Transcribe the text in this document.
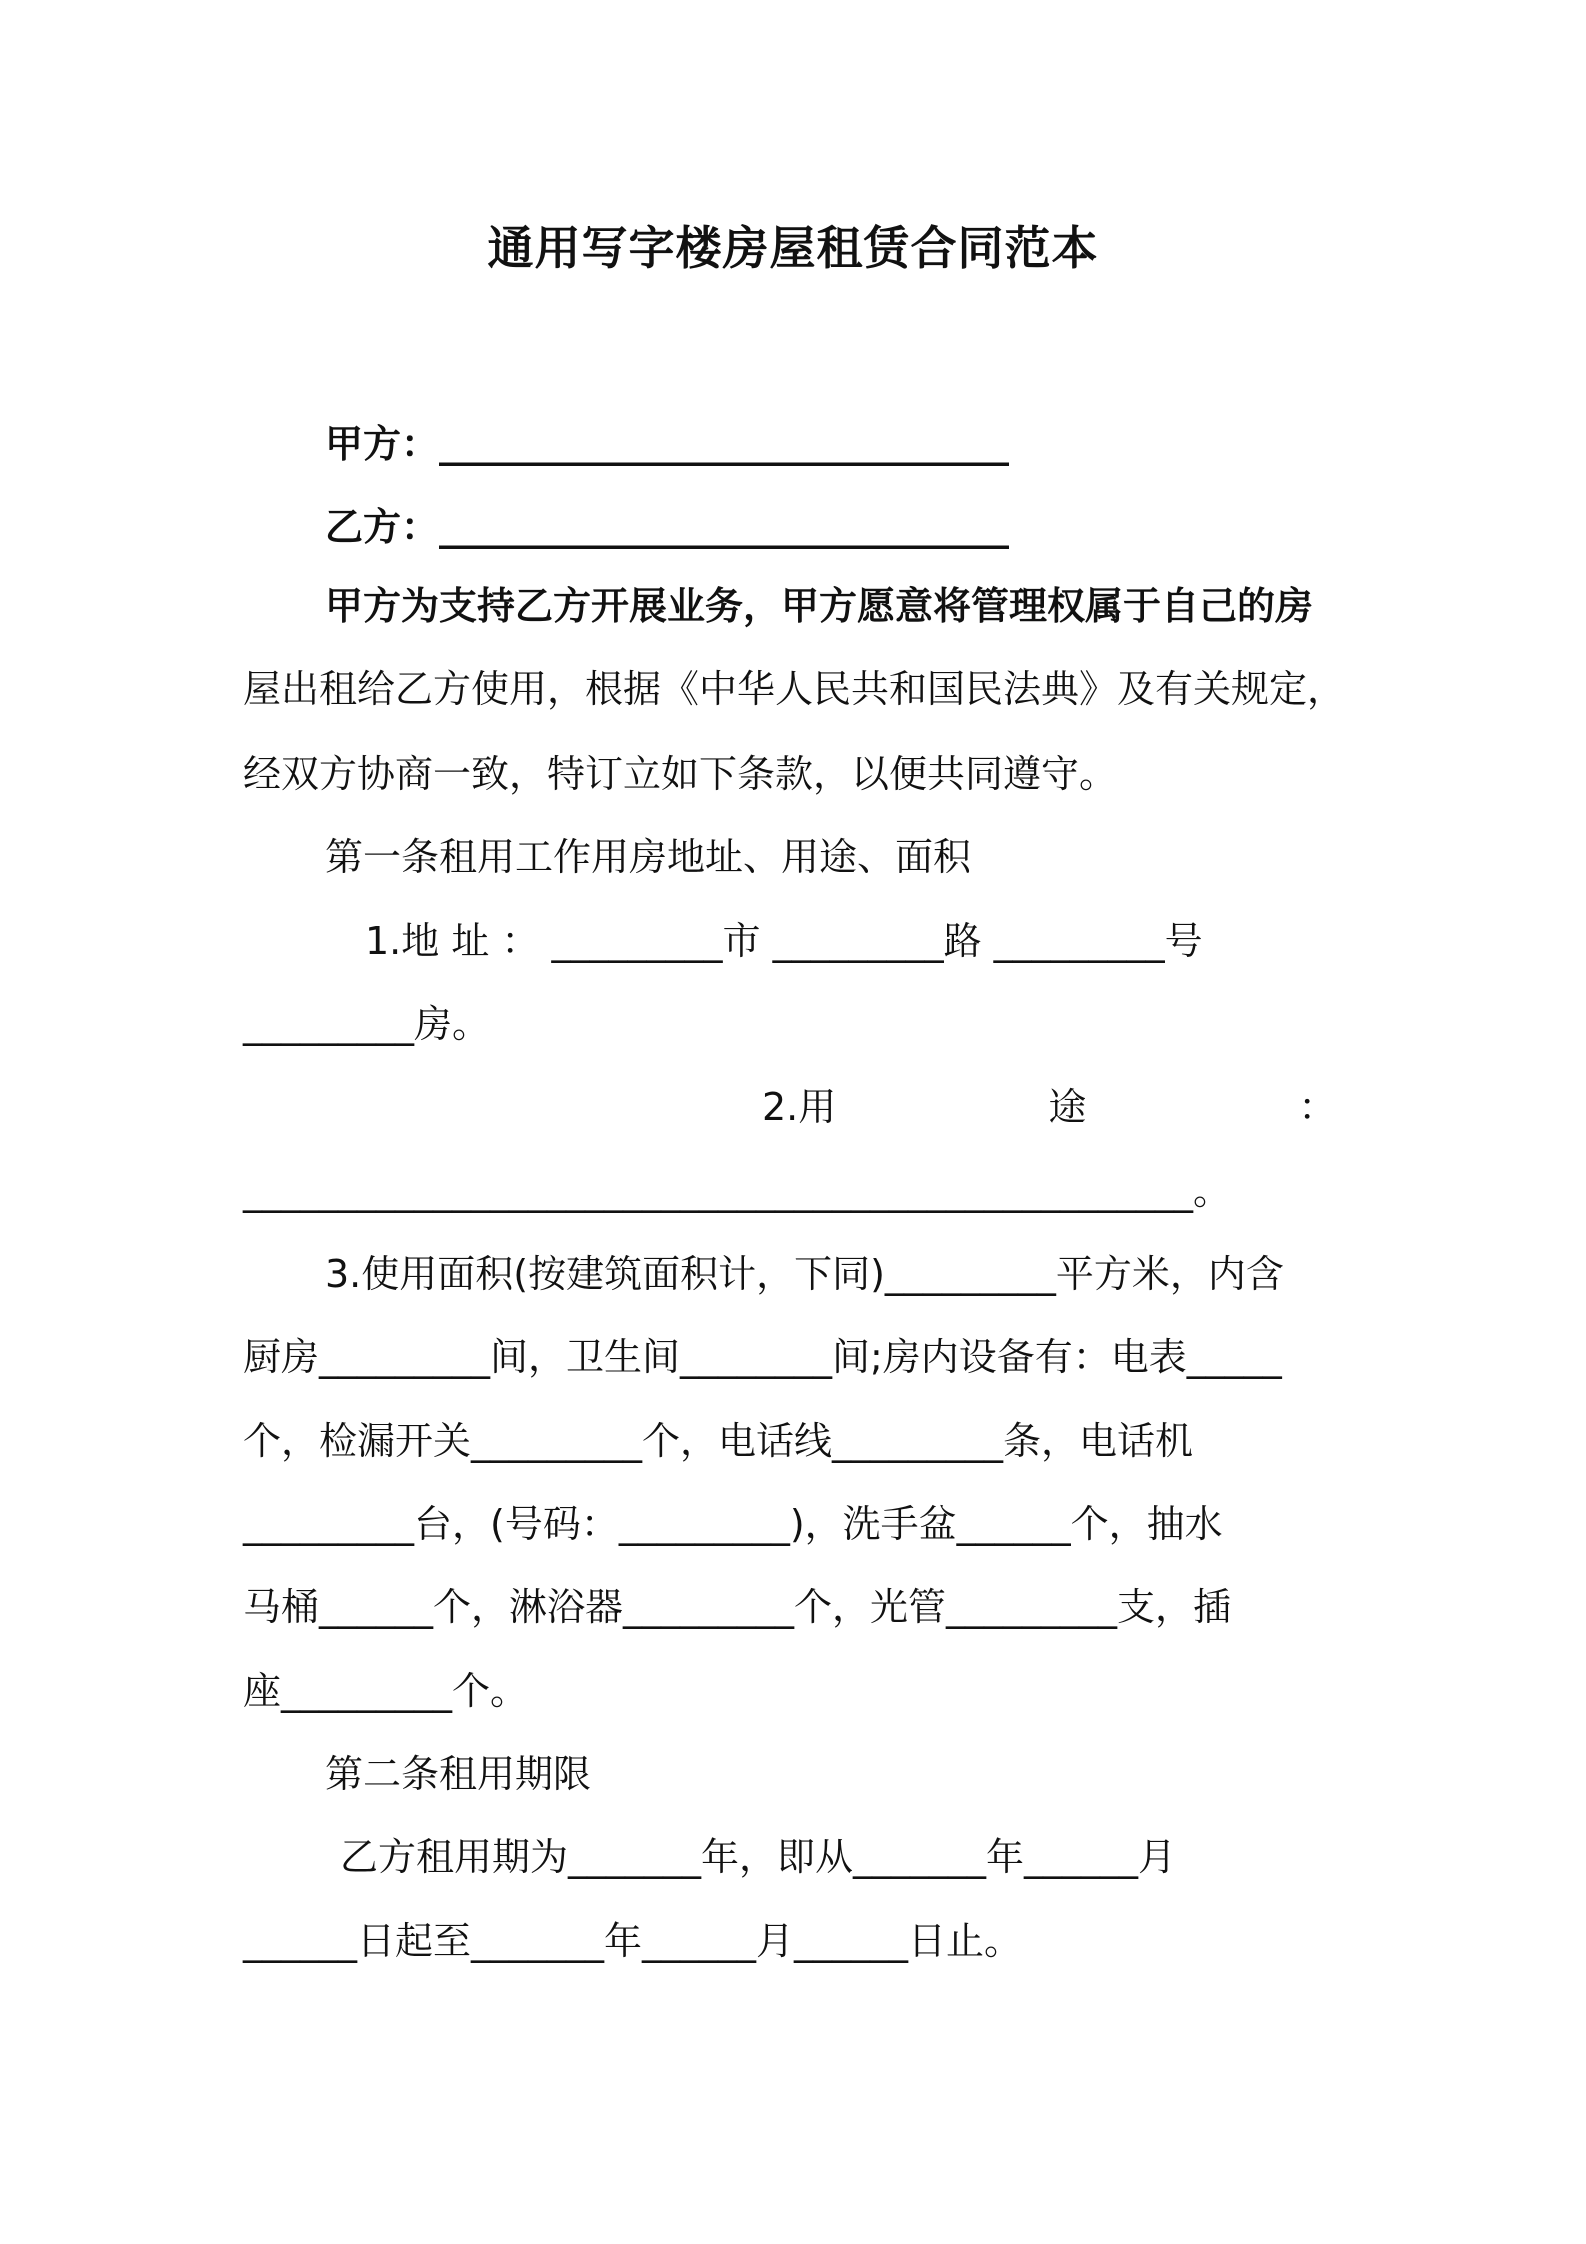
通用写字楼房屋租赁合同范本
甲方：______________________________
乙方：______________________________
甲方为支持乙方开展业务，甲方愿意将管理权属于自己的房
屋出租给乙方使用，根据《中华人民共和国民法典》及有关规定，
经双方协商一致，特订立如下条款，以便共同遵守。
第一条租用工作用房地址、用途、面积
1.地 址 ： _________市 _________路 _________号
_________房。
2.用 途 ：
__________________________________________________。
3.使用面积(按建筑面积计，下同)_________平方米，内含
厨房_________间，卫生间________间;房内设备有：电表_____
个，检漏开关_________个，电话线_________条，电话机
_________台，(号码：_________)，洗手盆______个，抽水
马桶______个，淋浴器_________个，光管_________支，插
座_________个。
第二条租用期限
乙方租用期为_______年，即从_______年______月
______日起至_______年______月______日止。
